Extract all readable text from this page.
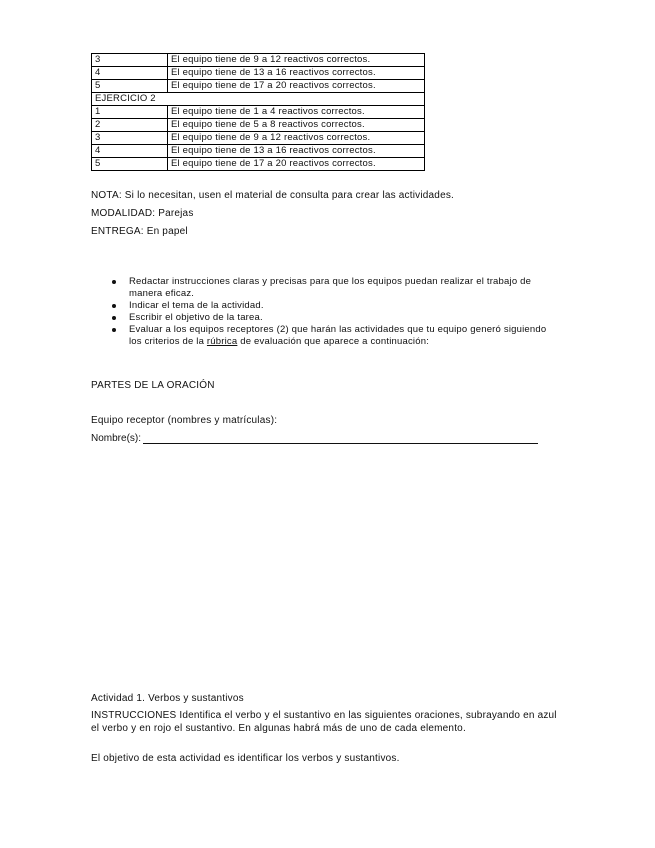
3	El equipo tiene de 9 a 12 reactivos correctos.
4	El equipo tiene de 13 a 16 reactivos correctos.
5	El equipo tiene de 17 a 20 reactivos correctos.
EJERCICIO 2	
1	El equipo tiene de 1 a 4 reactivos correctos.
2	El equipo tiene de 5 a 8 reactivos correctos.
3	El equipo tiene de 9 a 12 reactivos correctos.
4	El equipo tiene de 13 a 16 reactivos correctos.
5	El equipo tiene de 17 a 20 reactivos correctos.
NOTA: Si lo necesitan, usen el material de consulta para crear las actividades.
MODALIDAD: Parejas
ENTREGA: En papel
Redactar instrucciones claras y precisas para que los equipos puedan realizar el trabajo de manera eficaz.
Indicar el tema de la actividad.
Escribir el objetivo de la tarea.
Evaluar a los equipos receptores (2) que harán las actividades que tu equipo generó siguiendo los criterios de la rúbrica de evaluación que aparece a continuación:
PARTES DE LA ORACIÓN
Equipo receptor (nombres y matrículas):
Nombre(s):
Actividad 1. Verbos y sustantivos
INSTRUCCIONES Identifica el verbo y el sustantivo en las siguientes oraciones, subrayando en azul el verbo y en rojo el sustantivo. En algunas habrá más de uno de cada elemento.
El objetivo de esta actividad es identificar los verbos y sustantivos.
